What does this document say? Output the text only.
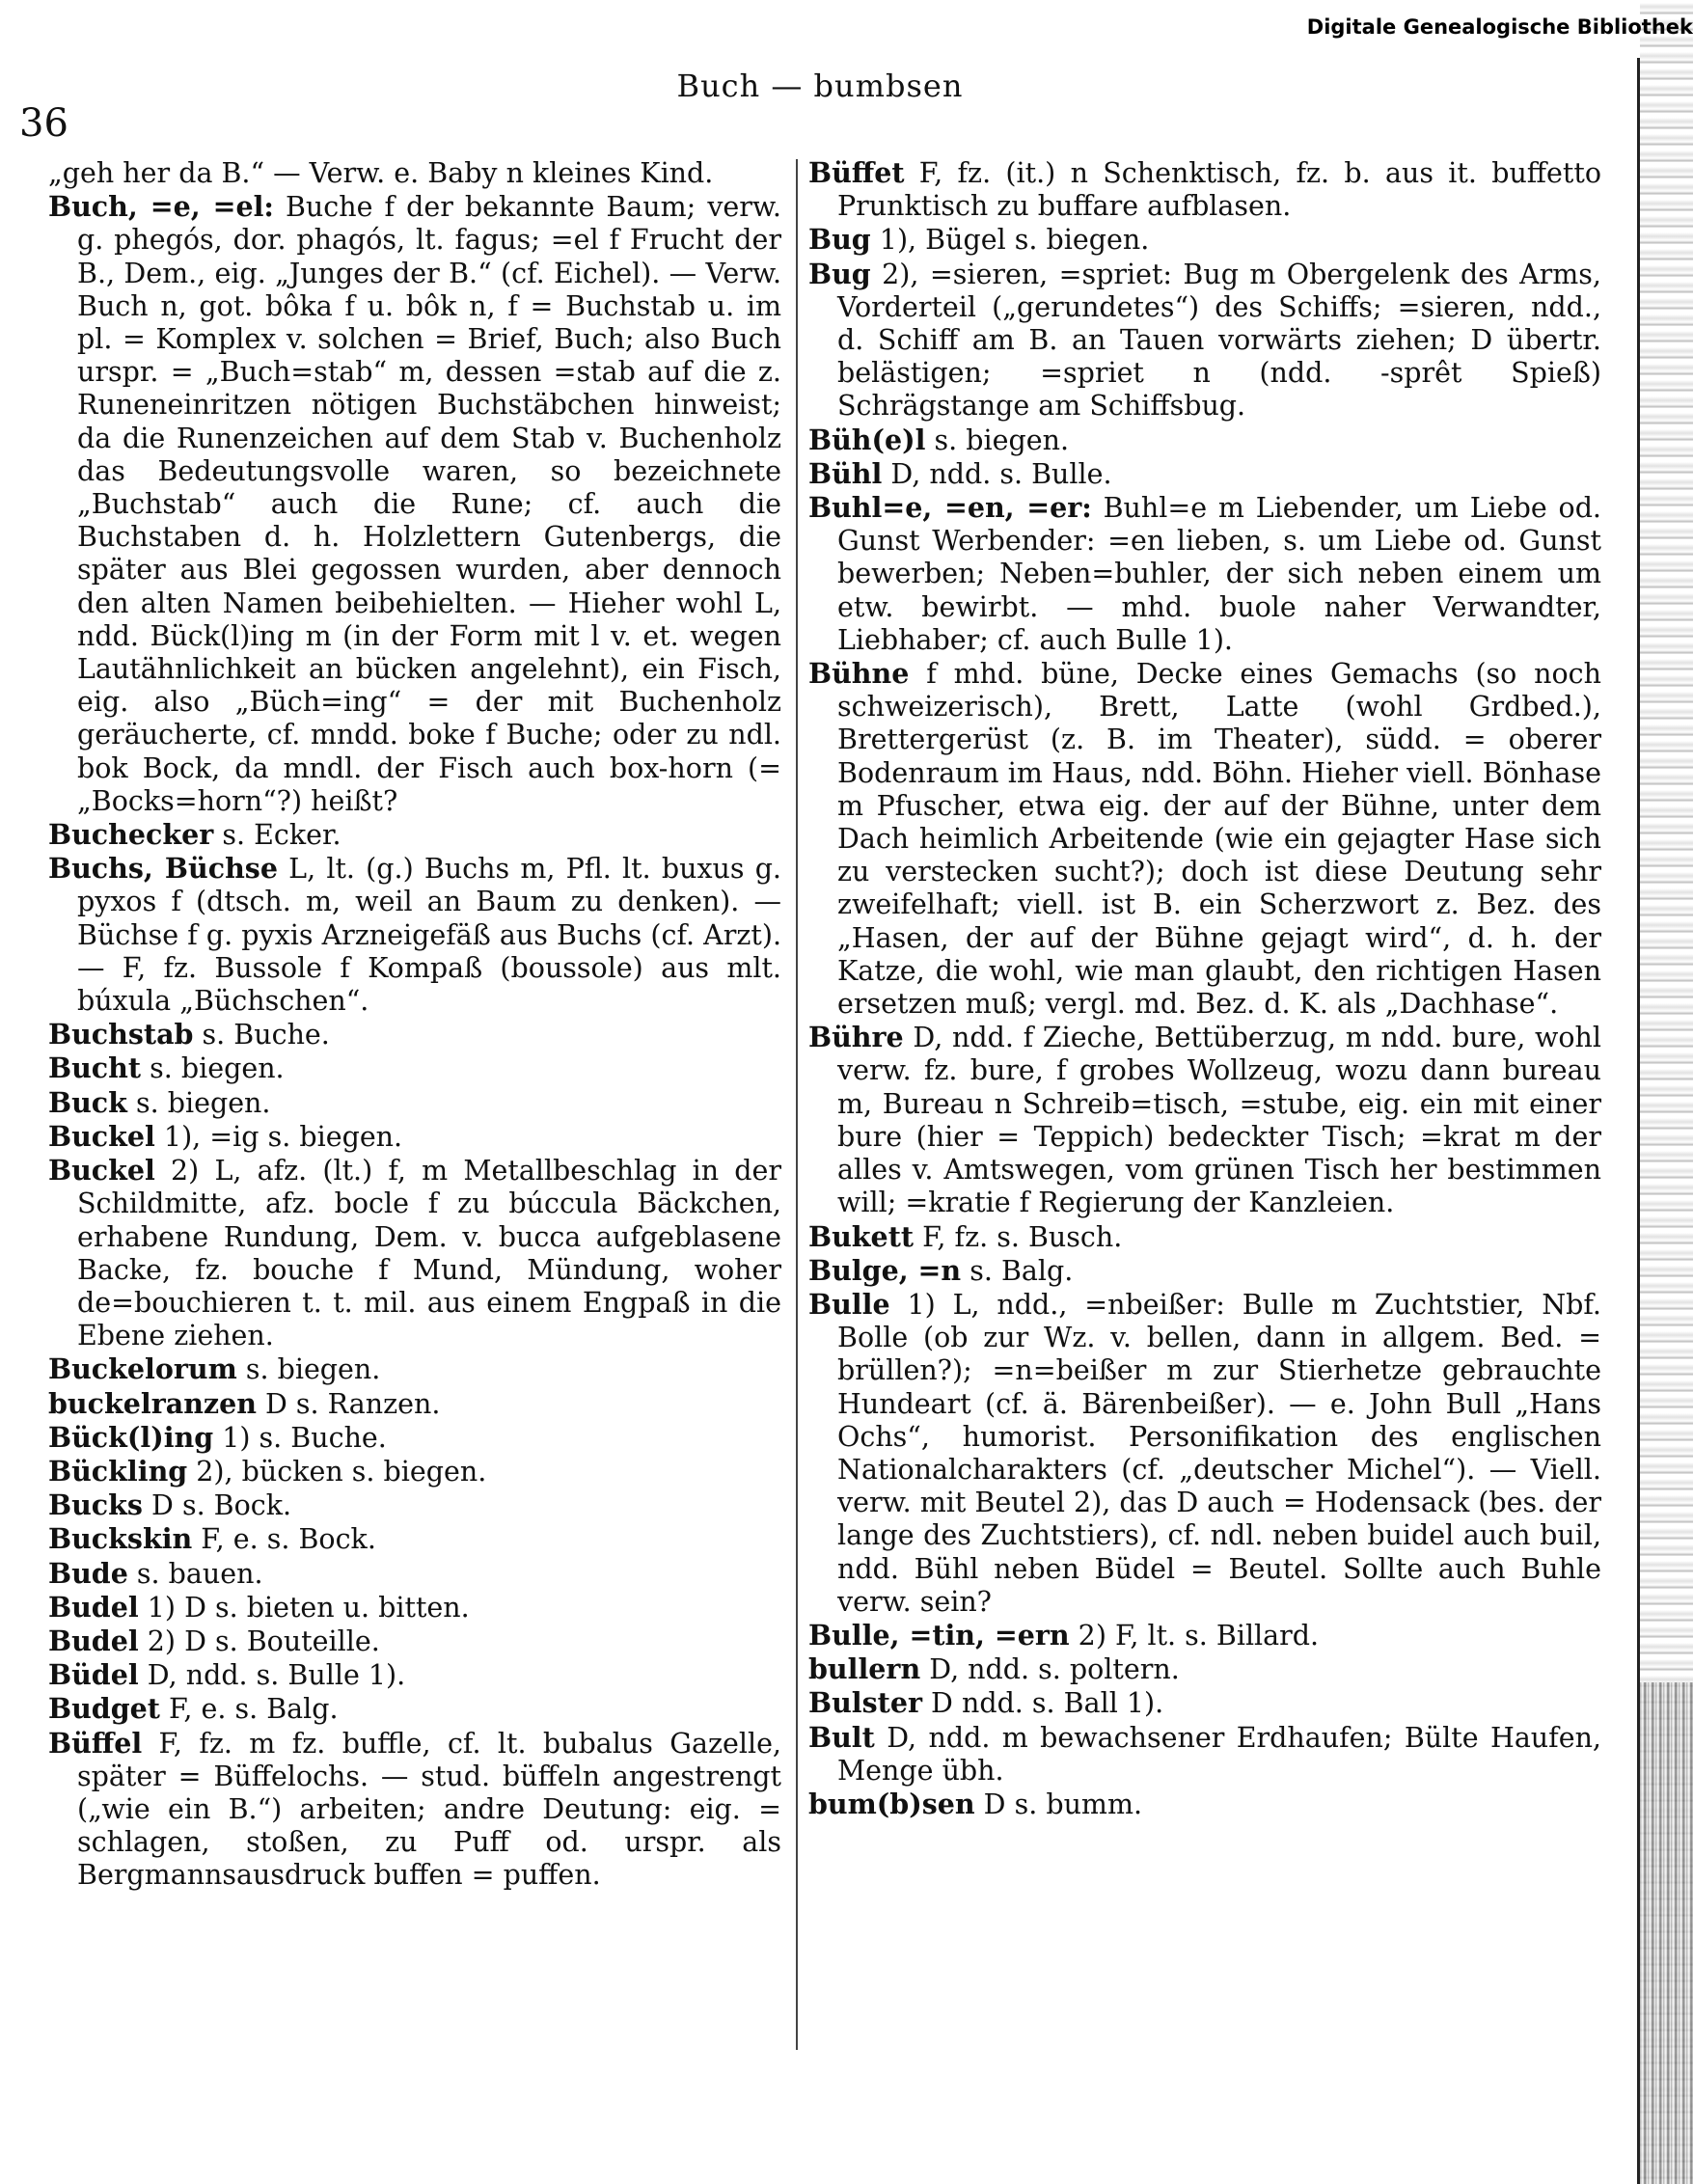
Digitale Genealogische Bibliothek
36
Buch — bumbsen

„geh her da B.“ — Verw. e. Baby n kleines Kind.

Buch, =e, =el: Buche f der bekannte Baum; verw. g. phegós, dor. phagós, lt. fagus; =el f Frucht der B., Dem., eig. „Junges der B.“ (cf. Eichel). — Verw. Buch n, got. bôka f u. bôk n, f = Buchstab u. im pl. = Komplex v. solchen = Brief, Buch; also Buch urspr. = „Buch=stab“ m, dessen =stab auf die z. Runeneinritzen nötigen Buchstäbchen hinweist; da die Runenzeichen auf dem Stab v. Buchenholz das Bedeutungsvolle waren, so bezeichnete „Buchstab“ auch die Rune; cf. auch die Buchstaben d. h. Holzlettern Gutenbergs, die später aus Blei gegossen wurden, aber dennoch den alten Namen beibehielten. — Hieher wohl L, ndd. Bück(l)ing m (in der Form mit l v. et. wegen Lautähnlichkeit an bücken angelehnt), ein Fisch, eig. also „Büch=ing“ = der mit Buchenholz geräucherte, cf. mndd. boke f Buche; oder zu ndl. bok Bock, da mndl. der Fisch auch box-horn (= „Bocks=horn“?) heißt?

Buchecker s. Ecker.

Buchs, Büchse L, lt. (g.) Buchs m, Pfl. lt. buxus g. pyxos f (dtsch. m, weil an Baum zu denken). — Büchse f g. pyxis Arzneigefäß aus Buchs (cf. Arzt). — F, fz. Bussole f Kompaß (boussole) aus mlt. búxula „Büchschen“.

Buchstab s. Buche.

Bucht s. biegen.

Buck s. biegen.

Buckel 1), =ig s. biegen.

Buckel 2) L, afz. (lt.) f, m Metallbeschlag in der Schildmitte, afz. bocle f zu búccula Bäckchen, erhabene Rundung, Dem. v. bucca aufgeblasene Backe, fz. bouche f Mund, Mündung, woher de=bouchieren t. t. mil. aus einem Engpaß in die Ebene ziehen.

Buckelorum s. biegen.

buckelranzen D s. Ranzen.

Bück(l)ing 1) s. Buche.

Bückling 2), bücken s. biegen.

Bucks D s. Bock.

Buckskin F, e. s. Bock.

Bude s. bauen.

Budel 1) D s. bieten u. bitten.

Budel 2) D s. Bouteille.

Büdel D, ndd. s. Bulle 1).

Budget F, e. s. Balg.

Büffel F, fz. m fz. buffle, cf. lt. bubalus Gazelle, später = Büffelochs. — stud. büffeln angestrengt („wie ein B.“) arbeiten; andre Deutung: eig. = schlagen, stoßen, zu Puff od. urspr. als Bergmannsausdruck buffen = puffen.

Büffet F, fz. (it.) n Schenktisch, fz. b. aus it. buffetto Prunktisch zu buffare aufblasen.

Bug 1), Bügel s. biegen.

Bug 2), =sieren, =spriet: Bug m Obergelenk des Arms, Vorderteil („gerundetes“) des Schiffs; =sieren, ndd., d. Schiff am B. an Tauen vorwärts ziehen; D übertr. belästigen; =spriet n (ndd. -sprêt Spieß) Schrägstange am Schiffsbug.

Büh(e)l s. biegen.

Bühl D, ndd. s. Bulle.

Buhl=e, =en, =er: Buhl=e m Liebender, um Liebe od. Gunst Werbender: =en lieben, s. um Liebe od. Gunst bewerben; Neben=buhler, der sich neben einem um etw. bewirbt. — mhd. buole naher Verwandter, Liebhaber; cf. auch Bulle 1).

Bühne f mhd. büne, Decke eines Gemachs (so noch schweizerisch), Brett, Latte (wohl Grdbed.), Brettergerüst (z. B. im Theater), südd. = oberer Bodenraum im Haus, ndd. Böhn. Hieher viell. Bönhase m Pfuscher, etwa eig. der auf der Bühne, unter dem Dach heimlich Arbeitende (wie ein gejagter Hase sich zu verstecken sucht?); doch ist diese Deutung sehr zweifelhaft; viell. ist B. ein Scherzwort z. Bez. des „Hasen, der auf der Bühne gejagt wird“, d. h. der Katze, die wohl, wie man glaubt, den richtigen Hasen ersetzen muß; vergl. md. Bez. d. K. als „Dachhase“.

Bühre D, ndd. f Zieche, Bettüberzug, m ndd. bure, wohl verw. fz. bure, f grobes Wollzeug, wozu dann bureau m, Bureau n Schreib=tisch, =stube, eig. ein mit einer bure (hier = Teppich) bedeckter Tisch; =krat m der alles v. Amtswegen, vom grünen Tisch her bestimmen will; =kratie f Regierung der Kanzleien.

Bukett F, fz. s. Busch.

Bulge, =n s. Balg.

Bulle 1) L, ndd., =nbeißer: Bulle m Zuchtstier, Nbf. Bolle (ob zur Wz. v. bellen, dann in allgem. Bed. = brüllen?); =n=beißer m zur Stierhetze gebrauchte Hundeart (cf. ä. Bärenbeißer). — e. John Bull „Hans Ochs“, humorist. Personifikation des englischen Nationalcharakters (cf. „deutscher Michel“). — Viell. verw. mit Beutel 2), das D auch = Hodensack (bes. der lange des Zuchtstiers), cf. ndl. neben buidel auch buil, ndd. Bühl neben Büdel = Beutel. Sollte auch Buhle verw. sein?

Bulle, =tin, =ern 2) F, lt. s. Billard.

bullern D, ndd. s. poltern.

Bulster D ndd. s. Ball 1).

Bult D, ndd. m bewachsener Erdhaufen; Bülte Haufen, Menge übh.

bum(b)sen D s. bumm.
